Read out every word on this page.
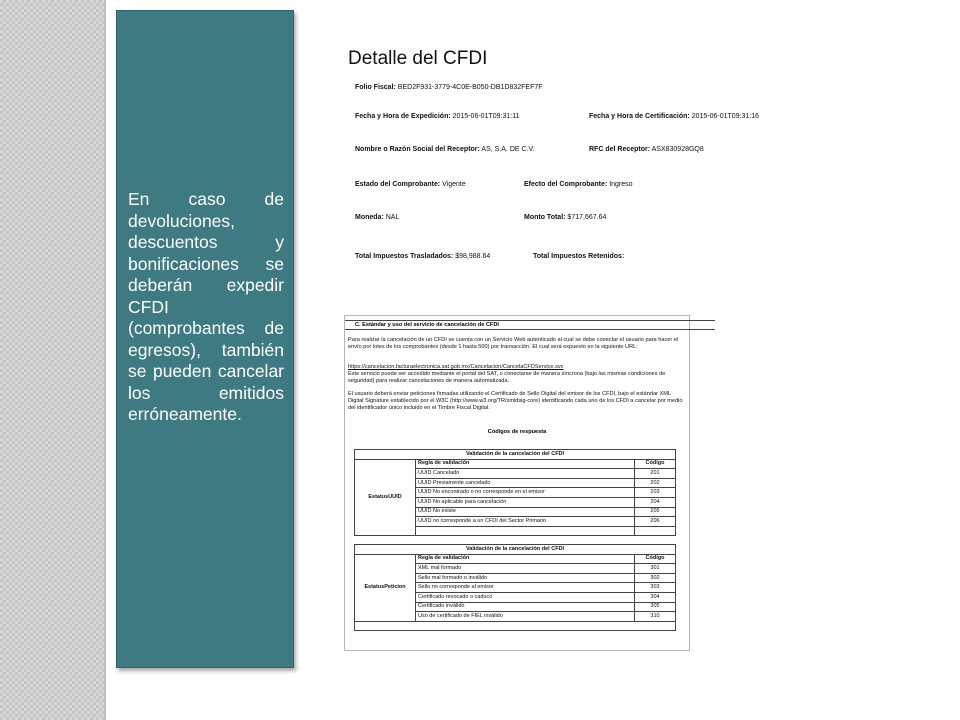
En caso de devoluciones, descuentos y bonificaciones se deberán expedir CFDI (comprobantes de egresos), también se pueden cancelar los emitidos erróneamente.

Detalle del CFDI
Folio Fiscal: BED2F931-3779-4C0E-B050-DB1D832FEF7F
Fecha y Hora de Expedición: 2015-06-01T09:31:11	Fecha y Hora de Certificación: 2015-06-01T09:31:16
Nombre o Razón Social del Receptor: AS, S.A. DE C.V.	RFC del Receptor: ASX830928GQ8
Estado del Comprobante: Vigente	Efecto del Comprobante: Ingreso
Moneda: NAL	Monto Total: $717,667.64
Total Impuestos Trasladados: $98,988.64	Total Impuestos Retenidos:
C. Estándar y uso del servicio de cancelación de CFDI

Para realizar la cancelación de un CFDI se cuenta con un Servicio Web autenticado al cual se debe conectar el usuario para hacer el envío por lotes de los comprobantes (desde 1 hasta 500) por transacción. El cual será expuesto en la siguiente URL:

https://cancelacion.facturaelectronica.sat.gob.mx/Cancelacion/CancelaCFDService.svc

Este servicio puede ser accedido mediante el portal del SAT, o conectarse de manera síncrona (bajo las mismas condiciones de seguridad) para realizar cancelaciones de manera automatizada.

El usuario deberá enviar peticiones firmadas utilizando el Certificado de Sello Digital del emisor de los CFDI, bajo el estándar XML Digital Signature establecido por el W3C (http://www.w3.org/TR/xmldsig-core) identificando cada uno de los CFDI a cancelar por medio del identificador único incluido en el Timbre Fiscal Digital.

Códigos de respuesta
Validación de la cancelación del CFDI		
EstatusUUID	Regla de validación	Código
	UUID Cancelado	201
	UUID Previamente cancelado	202
	UUID No encontrado o no corresponde en el emisor	203
	UUID No aplicable para cancelación	204
	UUID No existe	205
	UUID no corresponde a un CFDI del Sector Primario	206

Validación de la cancelación del CFDI		
EstatusPeticion	Regla de validación	Código
	XML mal formado	301
	Sello mal formado o inválido	302
	Sello no corresponde al emisor	303
	Certificado revocado o caduco	304
	Certificado inválido	305
	Uso de certificado de FIEL inválido	310
